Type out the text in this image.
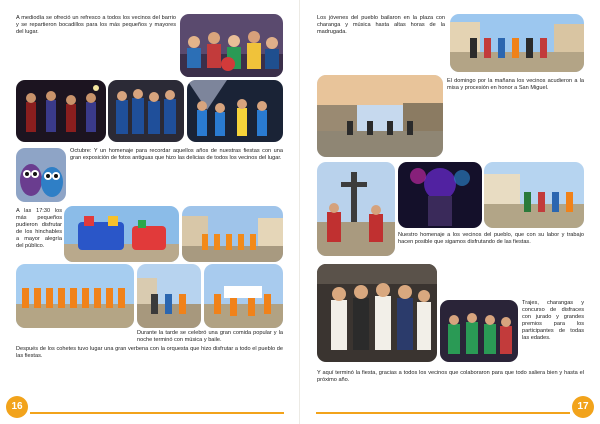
A mediodía se ofreció un refresco a todos los vecinos del barrio y se repartieron bocadillos para los más pequeños y mayores del lugar.

Octubre: Y un homenaje para recordar aquellos años de nuestras fiestas con una gran exposición de fotos antiguas que hizo las delicias de todos los vecinos del lugar.

A las 17:30 los más pequeños pudieron disfrutar de los hinchables a mayor alegría del público.

Durante la tarde se celebró una gran comida popular y la noche terminó con música y baile.

Después de los cohetes tuvo lugar una gran verbena con la orquesta que hizo disfrutar a todo el pueblo de las fiestas.

16

Los jóvenes del pueblo bailaron en la plaza con charanga y música hasta altas horas de la madrugada.

El domingo por la mañana los vecinos acudieron a la misa y procesión en honor a San Miguel.

Nuestro homenaje a los vecinos del pueblo, que con su labor y trabajo hacen posible que sigamos disfrutando de las fiestas.

Trajes, charangas y concurso de disfraces con jurado y grandes premios para los participantes de todas las edades.

Y aquí terminó la fiesta, gracias a todos los vecinos que colaboraron para que todo saliera bien y hasta el próximo año.

17
